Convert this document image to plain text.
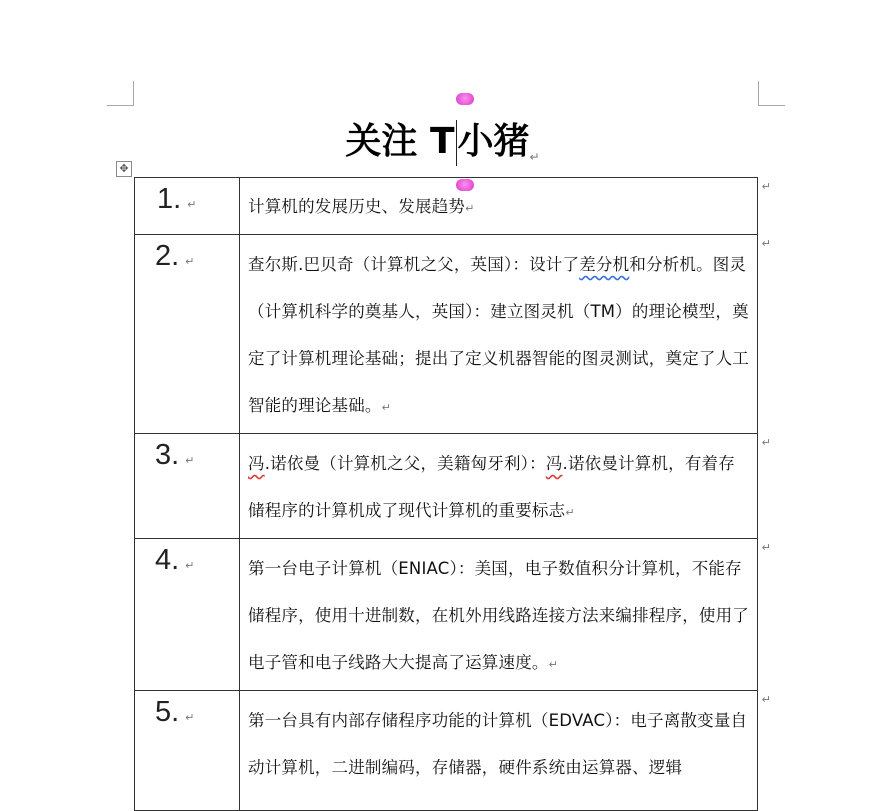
关注 T小猪$_↵$
✥
1. ↵	计算机的发展历史、发展趋势↵
↵

2. ↵	查尔斯.巴贝奇（计算机之父，英国）：设计了差分机和分析机。图灵（计算机科学的奠基人，英国）：建立图灵机（TM）的理论模型，奠定了计算机理论基础；提出了定义机器智能的图灵测试，奠定了人工智能的理论基础。↵
↵

3. ↵	冯.诺依曼（计算机之父，美籍匈牙利）：冯.诺依曼计算机，有着存储程序的计算机成了现代计算机的重要标志↵
↵

4. ↵	第一台电子计算机（ENIAC）：美国，电子数值积分计算机，不能存储程序，使用十进制数，在机外用线路连接方法来编排程序，使用了电子管和电子线路大大提高了运算速度。↵
↵

5. ↵	第一台具有内部存储程序功能的计算机（EDVAC）：电子离散变量自动计算机，二进制编码，存储器，硬件系统由运算器、逻辑
↵
